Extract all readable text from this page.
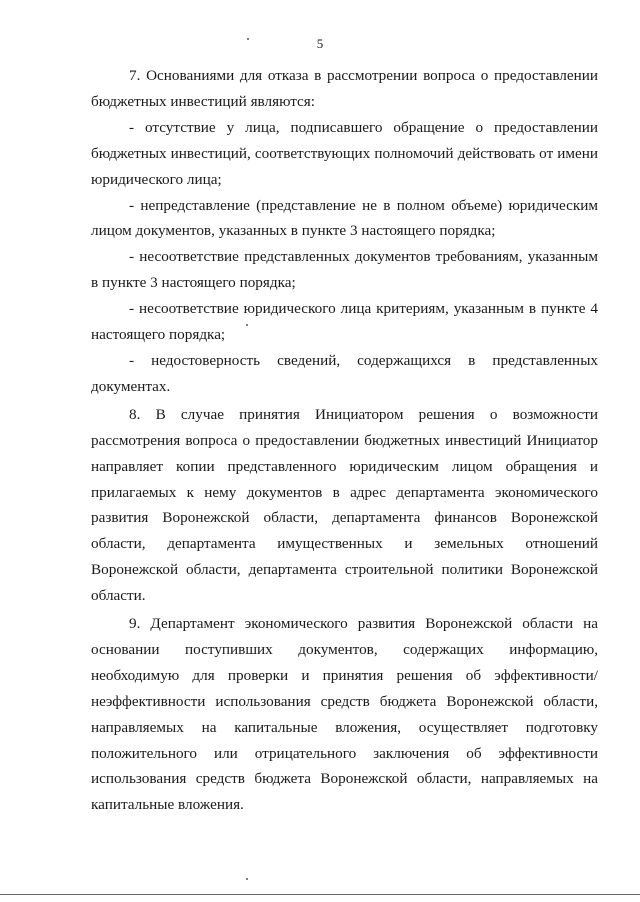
5

7. Основаниями для отказа в рассмотрении вопроса о предоставлении бюджетных инвестиций являются:

- отсутствие у лица, подписавшего обращение о предоставлении бюджетных инвестиций, соответствующих полномочий действовать от имени юридического лица;

- непредставление (представление не в полном объеме) юридическим лицом документов, указанных в пункте 3 настоящего порядка;

- несоответствие представленных документов требованиям, указанным в пункте 3 настоящего порядка;

- несоответствие юридического лица критериям, указанным в пункте 4 настоящего порядка;

- недостоверность сведений, содержащихся в представленных документах.

8. В случае принятия Инициатором решения о возможности рассмотрения вопроса о предоставлении бюджетных инвестиций Инициатор направляет копии представленного юридическим лицом обращения и прилагаемых к нему документов в адрес департамента экономического развития Воронежской области, департамента финансов Воронежской области, департамента имущественных и земельных отношений Воронежской области, департамента строительной политики Воронежской области.

9. Департамент экономического развития Воронежской области на основании поступивших документов, содержащих информацию, необходимую для проверки и принятия решения об эффективности/ неэффективности использования средств бюджета Воронежской области, направляемых на капитальные вложения, осуществляет подготовку положительного или отрицательного заключения об эффективности использования средств бюджета Воронежской области, направляемых на капитальные вложения.
